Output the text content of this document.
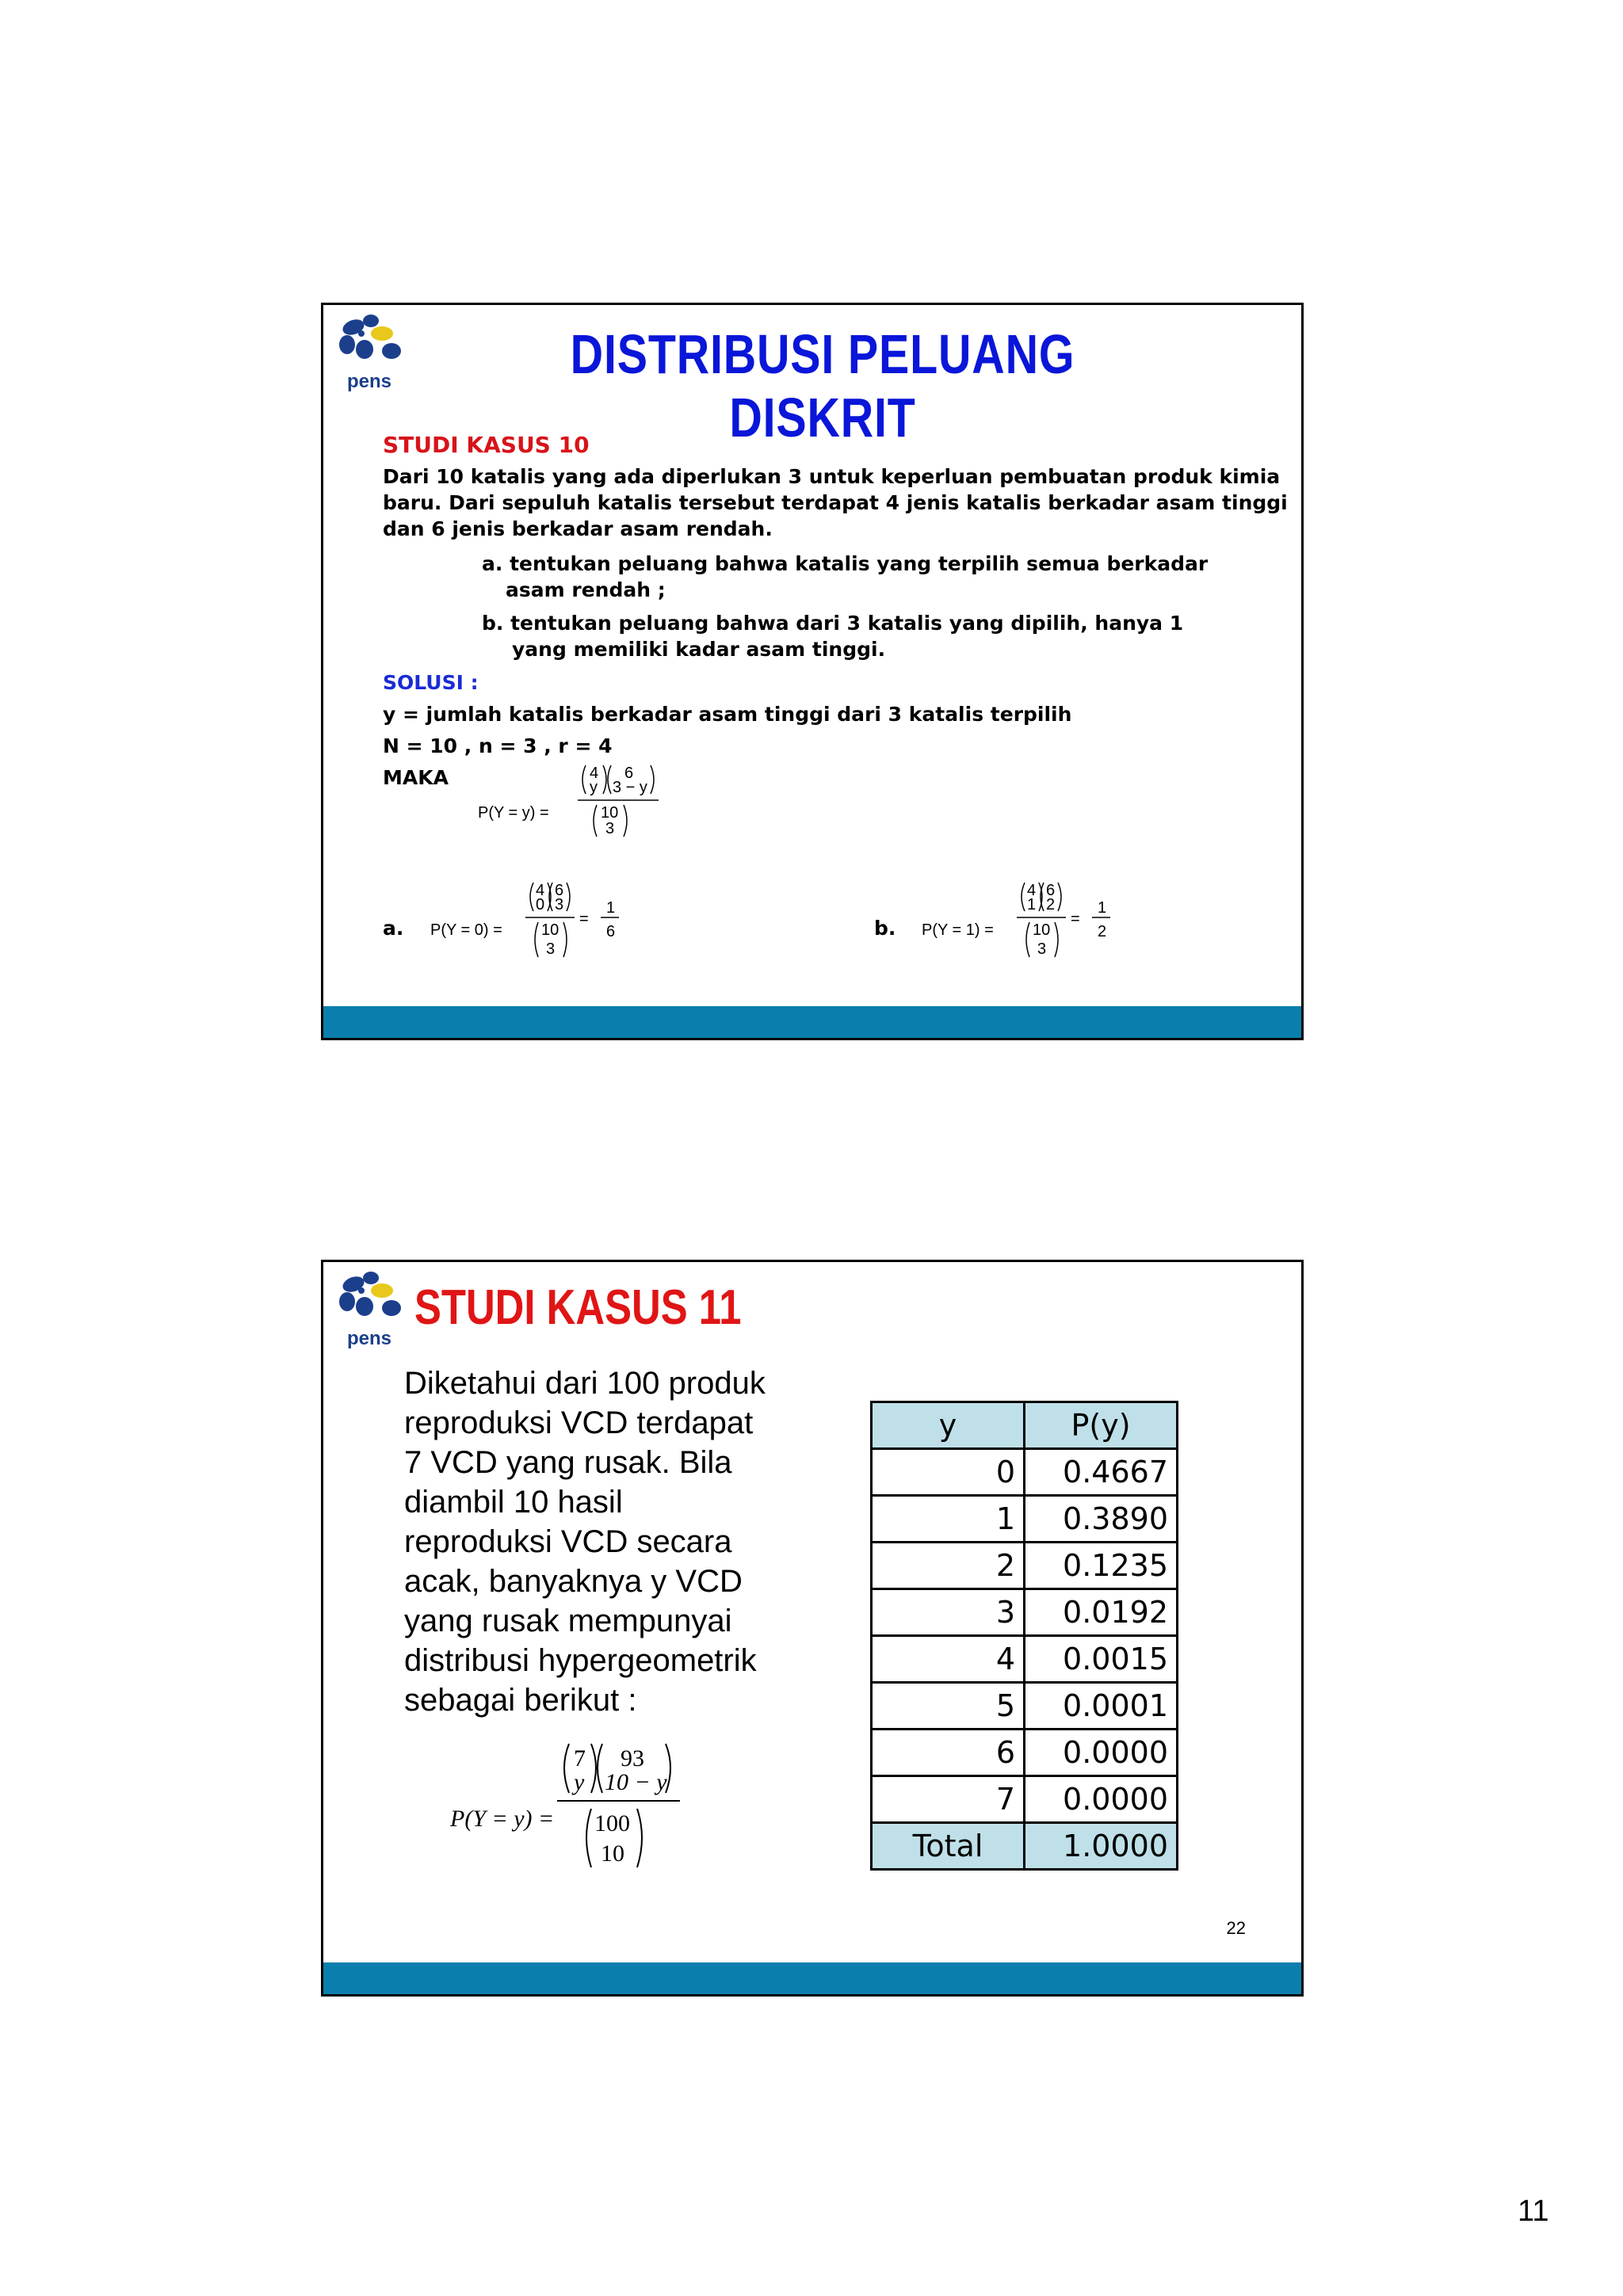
pens	DISTRIBUSI PELUANG DISKRIT
STUDI KASUS 10
Dari 10 katalis yang ada diperlukan 3 untuk keperluan pembuatan produk kimia
baru. Dari sepuluh katalis tersebut terdapat 4 jenis katalis berkadar asam tinggi
dan 6 jenis berkadar asam rendah.
a. tentukan peluang bahwa katalis yang terpilih semua berkadar
asam rendah ;
b. tentukan peluang bahwa dari 3 katalis yang dipilih, hanya 1
yang memiliki kadar asam tinggi.
SOLUSI :
y = jumlah katalis berkadar asam tinggi dari 3 katalis terpilih
N = 10 , n = 3 , r = 4
MAKA
P(Y = y) =
4
y
6
3 − y
10
3
a. P(Y = 0) =
4
0
6
3
10
3
=
1
6	b. P(Y = 1) =
4
1
6
2
10
3
=
1
2
pens
STUDI KASUS 11
Diketahui dari 100 produk
reproduksi VCD terdapat
7 VCD yang rusak. Bila
diambil 10 hasil
reproduksi VCD secara
acak, banyaknya y VCD
yang rusak mempunyai
distribusi hypergeometrik
sebagai berikut :
P(Y = y) =
7
y
93
10 − y
100
10
y	P(y)
0	0.4667
1	0.3890
2	0.1235
3	0.0192
4	0.0015
5	0.0001
6	0.0000
7	0.0000
Total	1.0000
22
11
